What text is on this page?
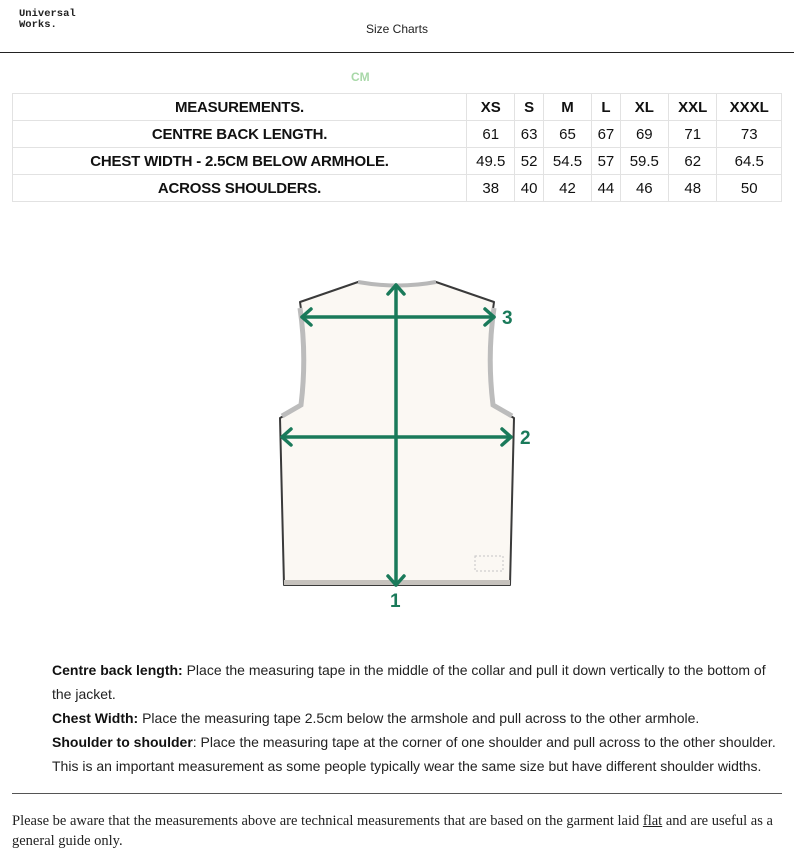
Universal
Works.	Size Charts
CM
MEASUREMENTS.	XS	S	M	L	XL	XXL	XXXL
CENTRE BACK LENGTH.	61	63	65	67	69	71	73
CHEST WIDTH - 2.5CM BELOW ARMHOLE.	49.5	52	54.5	57	59.5	62	64.5
ACROSS SHOULDERS.	38	40	42	44	46	48	50
1
2
3
Centre back length: Place the measuring tape in the middle of the collar and pull it down vertically to the bottom of the jacket.
Chest Width: Place the measuring tape 2.5cm below the armshole and pull across to the other armhole.
Shoulder to shoulder: Place the measuring tape at the corner of one shoulder and pull across to the other shoulder. This is an important measurement as some people typically wear the same size but have different shoulder widths.
Please be aware that the measurements above are technical measurements that are based on the garment laid flat and are useful as a general guide only.
